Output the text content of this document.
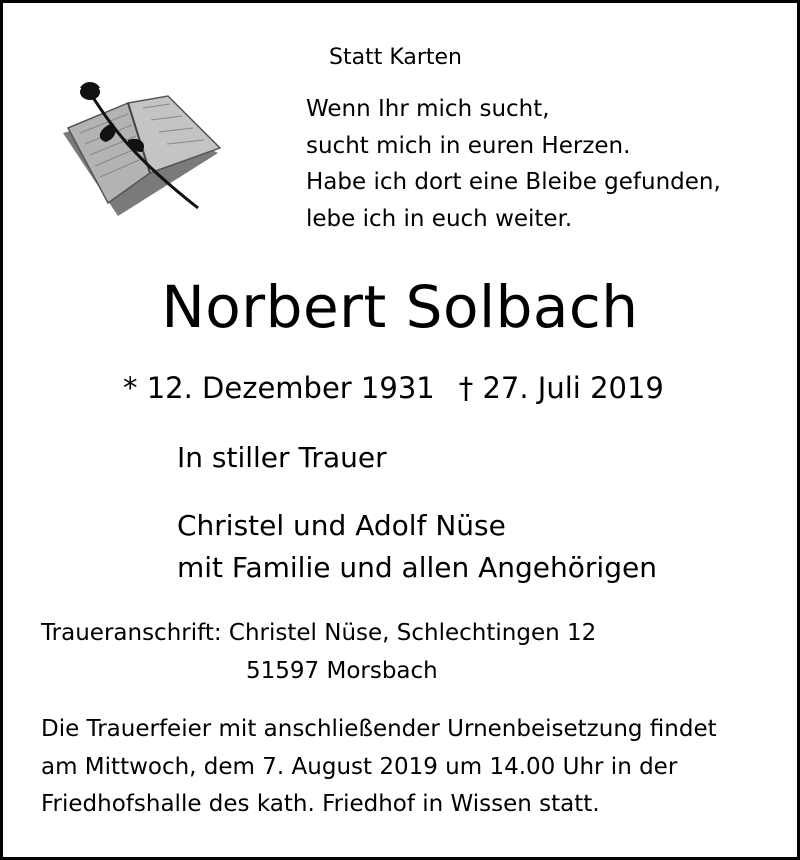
Statt Karten
Wenn Ihr mich sucht,
sucht mich in euren Herzen.
Habe ich dort eine Bleibe gefunden,
lebe ich in euch weiter.
Norbert Solbach
* 12. Dezember 1931 † 27. Juli 2019
In stiller Trauer
Christel und Adolf Nüse
mit Familie und allen Angehörigen
Traueranschrift: Christel Nüse, Schlechtingen 12
51597 Morsbach
Die Trauerfeier mit anschließender Urnenbeisetzung findet
am Mittwoch, dem 7. August 2019 um 14.00 Uhr in der
Friedhofshalle des kath. Friedhof in Wissen statt.
